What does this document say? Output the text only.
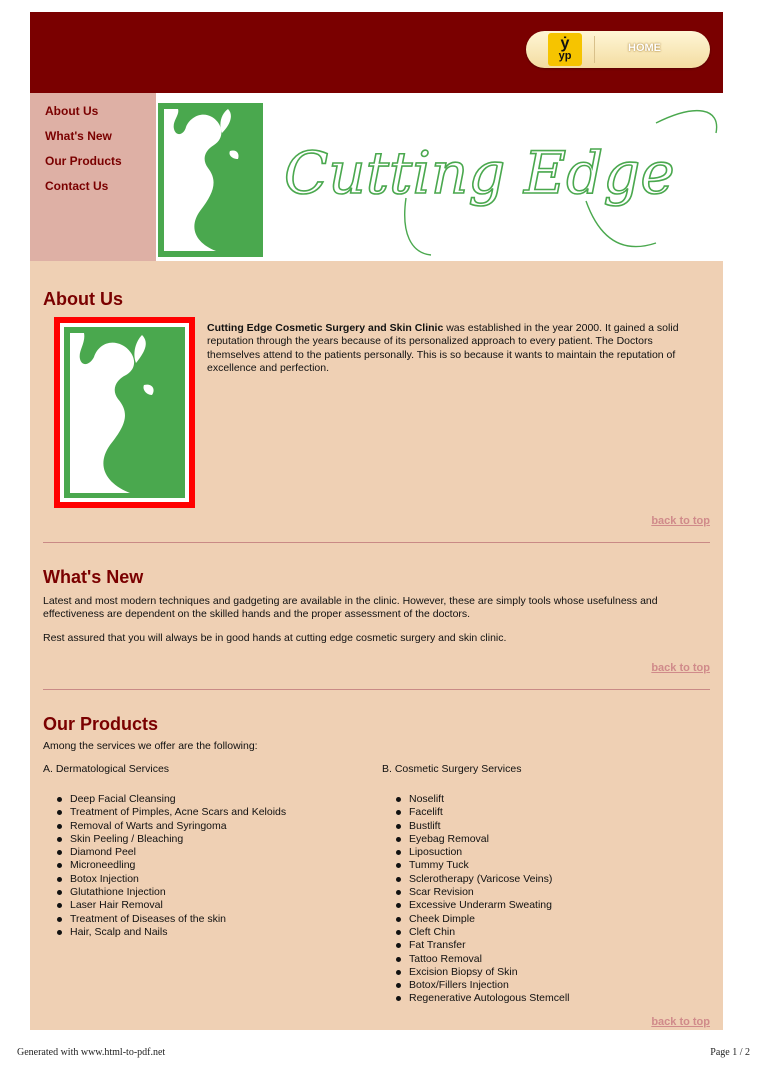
ẏ
yp
HOME
About Us
What's New
Our Products
Contact Us	Cutting Edge
About Us
Cutting Edge Cosmetic Surgery and Skin Clinic was established in the year 2000. It gained a solid reputation through the years because of its personalized approach to every patient. The Doctors themselves attend to the patients personally. This is so because it wants to maintain the reputation of excellence and perfection.
back to top
What's New
Latest and most modern techniques and gadgeting are available in the clinic. However, these are simply tools whose usefulness and effectiveness are dependent on the skilled hands and the proper assessment of the doctors.
Rest assured that you will always be in good hands at cutting edge cosmetic surgery and skin clinic.
back to top
Our Products
Among the services we offer are the following:
A. Dermatological Services	B. Cosmetic Surgery Services
Deep Facial Cleansing
Treatment of Pimples, Acne Scars and Keloids
Removal of Warts and Syringoma
Skin Peeling / Bleaching
Diamond Peel
Microneedling
Botox Injection
Glutathione Injection
Laser Hair Removal
Treatment of Diseases of the skin
Hair, Scalp and Nails
Noselift
Facelift
Bustlift
Eyebag Removal
Liposuction
Tummy Tuck
Sclerotherapy (Varicose Veins)
Scar Revision
Excessive Underarm Sweating
Cheek Dimple
Cleft Chin
Fat Transfer
Tattoo Removal
Excision Biopsy of Skin
Botox/Fillers Injection
Regenerative Autologous Stemcell
back to top
Generated with www.html-to-pdf.net	Page 1 / 2
